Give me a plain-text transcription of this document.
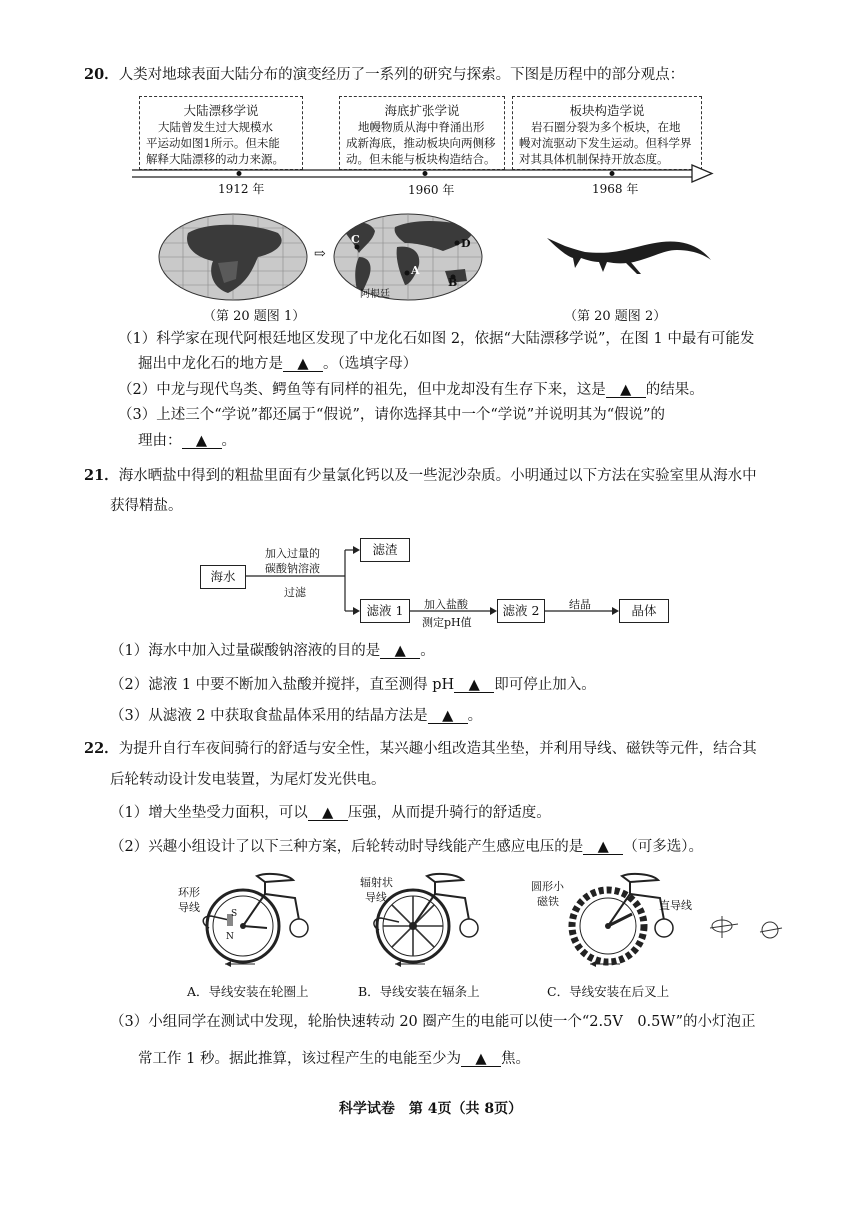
20．人类对地球表面大陆分布的演变经历了一系列的研究与探索。下图是历程中的部分观点：
大陆漂移学说
大陆曾发生过大规模水
平运动如图1所示。但未能
解释大陆漂移的动力来源。
海底扩张学说
地幔物质从海中脊涌出形
成新海底，推动板块向两侧移
动。但未能与板块构造结合。
板块构造学说
岩石圈分裂为多个板块，在地
幔对流驱动下发生运动。但科学界
对其具体机制保持开放态度。
1912 年	1960 年	1968 年
⇨
C
A
B
D
阿根廷
（第 20 题图 1）	（第 20 题图 2）
（1）科学家在现代阿根廷地区发现了中龙化石如图 2，依据“大陆漂移学说”，在图 1 中最有可能发
掘出中龙化石的地方是 ▲ 。（选填字母）
（2）中龙与现代鸟类、鳄鱼等有同样的祖先，但中龙却没有生存下来，这是 ▲ 的结果。
（3）上述三个“学说”都还属于“假说”，请你选择其中一个“学说”并说明其为“假说”的
理由： ▲ 。
21．海水晒盐中得到的粗盐里面有少量氯化钙以及一些泥沙杂质。小明通过以下方法在实验室里从海水中
获得精盐。
海水
滤渣
滤液 1	滤液 2	晶体
加入过量的
碳酸钠溶液
过滤
加入盐酸
测定pH值
结晶
（1）海水中加入过量碳酸钠溶液的目的是 ▲ 。
（2）滤液 1 中要不断加入盐酸并搅拌，直至测得 pH ▲ 即可停止加入。
（3）从滤液 2 中获取食盐晶体采用的结晶方法是 ▲ 。
22．为提升自行车夜间骑行的舒适与安全性，某兴趣小组改造其坐垫，并利用导线、磁铁等元件，结合其
后轮转动设计发电装置，为尾灯发光供电。
（1）增大坐垫受力面积，可以 ▲ 压强，从而提升骑行的舒适度。
（2）兴趣小组设计了以下三种方案，后轮转动时导线能产生感应电压的是 ▲ （可多选）。
环形
导线	S
N
辐射状
导线
圆形小
磁铁	直导线
A．导线安装在轮圈上	B．导线安装在辐条上	C．导线安装在后叉上
（3）小组同学在测试中发现，轮胎快速转动 20 圈产生的电能可以使一个“2.5V　0.5W”的小灯泡正
常工作 1 秒。据此推算，该过程产生的电能至少为 ▲ 焦。
科学试卷　第 4页（共 8页）
